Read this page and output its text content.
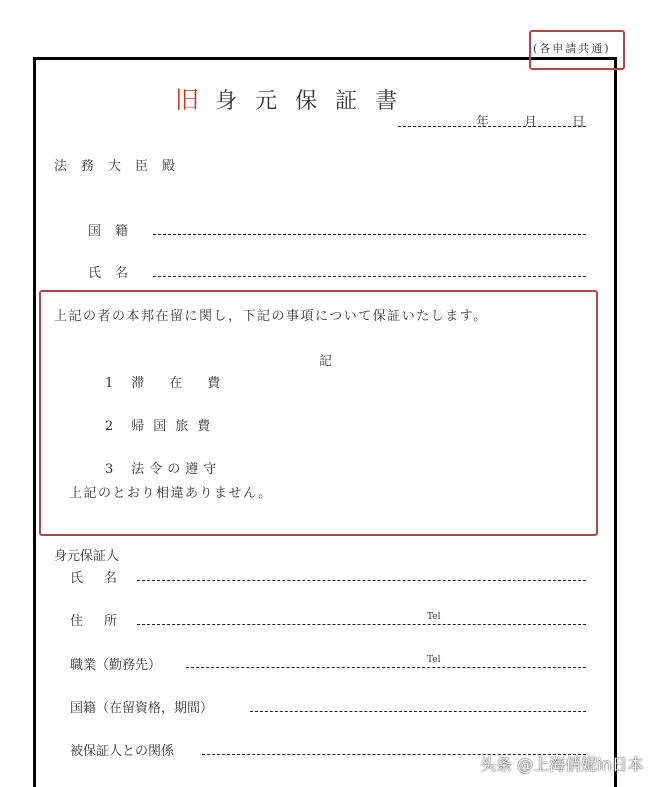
(各申請共通)
旧 身元保証書
年	月	日
法務大臣殿
国籍
氏名
上記の者の本邦在留に関し，下記の事項について保証いたします。
記
1 滞　在　費
2 帰国旅費
3 法令の遵守
上記のとおり相違ありません。
身元保証人
氏　名
住　所	Tel
職業（勤務先）	Tel
国籍（在留資格，期間）
被保証人との関係
头条 @上海俏妮in日本
